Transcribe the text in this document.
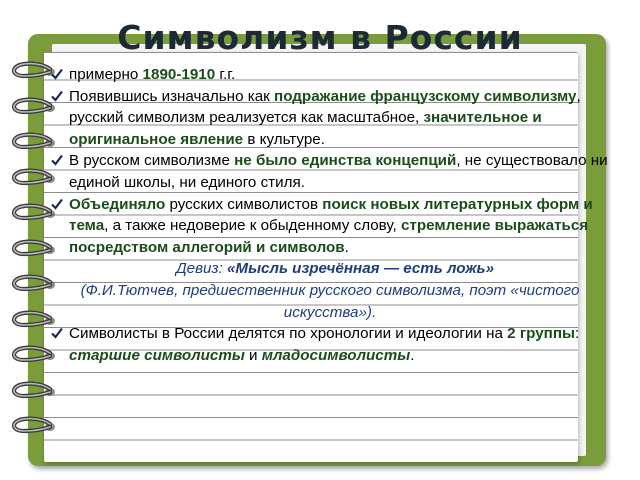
Символизм в России
примерно 1890-1910 г.г.
Появившись изначально как подражание французскому символизму, русский символизм реализуется как масштабное, значительное и оригинальное явление в культуре.
В русском символизме не было единства концепций, не существовало ни единой школы, ни единого стиля.
Объединяло русских символистов поиск новых литературных форм и тема, а также недоверие к обыденному слову, стремление выражаться посредством аллегорий и символов.
Девиз: «Мысль изречённая — есть ложь»
(Ф.И.Тютчев, предшественник русского символизма, поэт «чистого искусства»).
Символисты в России делятся по хронологии и идеологии на 2 группы: старшие символисты и младосимволисты.
